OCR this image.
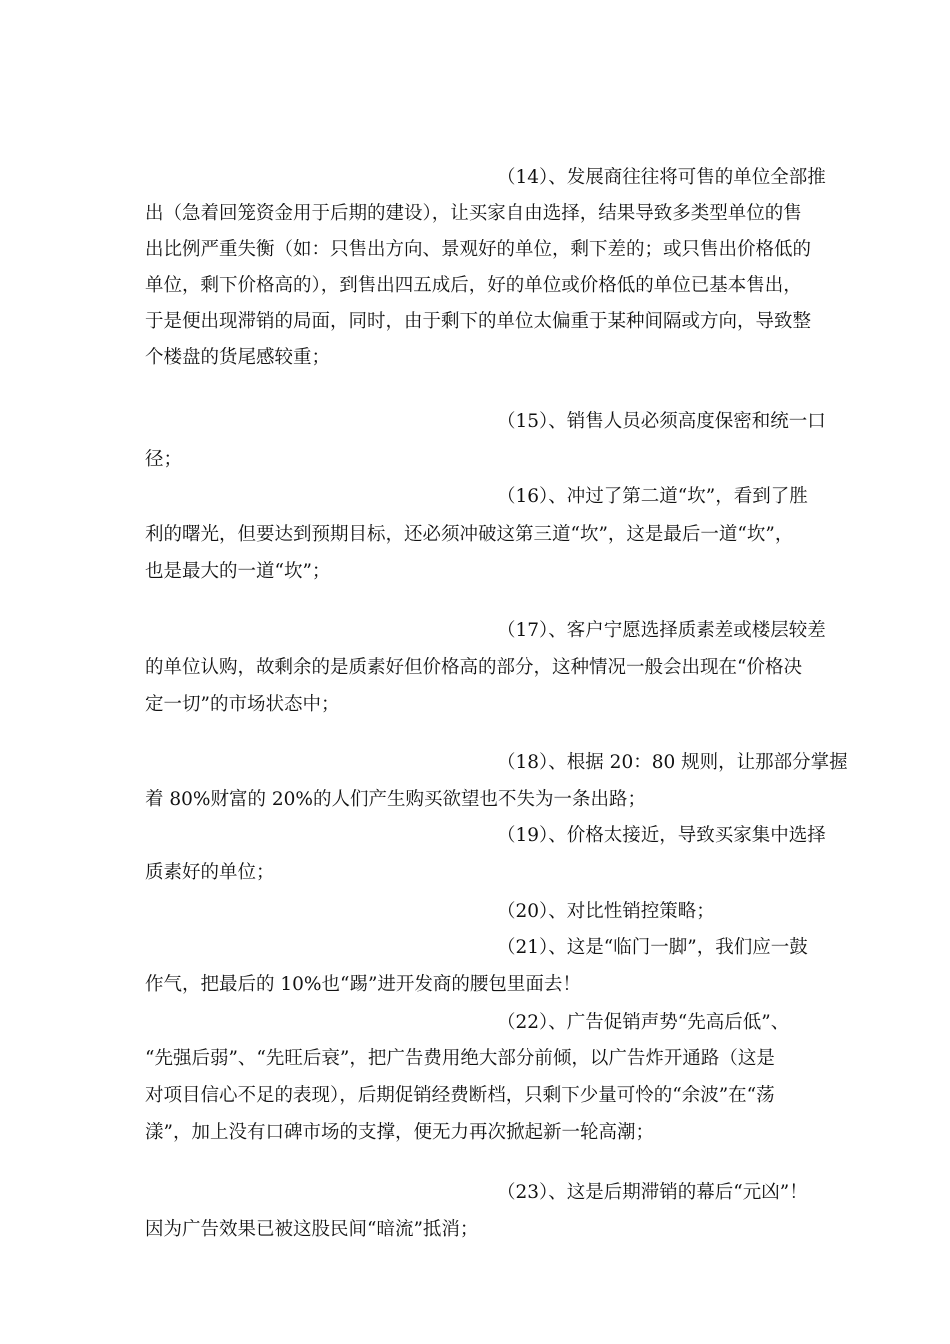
（14）、发展商往往将可售的单位全部推
出（急着回笼资金用于后期的建设），让买家自由选择，结果导致多类型单位的售
出比例严重失衡（如：只售出方向、景观好的单位，剩下差的；或只售出价格低的
单位，剩下价格高的），到售出四五成后，好的单位或价格低的单位已基本售出，
于是便出现滞销的局面，同时，由于剩下的单位太偏重于某种间隔或方向，导致整
个楼盘的货尾感较重；
（15）、销售人员必须高度保密和统一口
径；
（16）、冲过了第二道“坎”，看到了胜
利的曙光，但要达到预期目标，还必须冲破这第三道“坎”，这是最后一道“坎”，
也是最大的一道“坎”；
（17）、客户宁愿选择质素差或楼层较差
的单位认购，故剩余的是质素好但价格高的部分，这种情况一般会出现在“价格决
定一切”的市场状态中；
（18）、根据 20：80 规则，让那部分掌握
着 80%财富的 20%的人们产生购买欲望也不失为一条出路；
（19）、价格太接近，导致买家集中选择
质素好的单位；
（20）、对比性销控策略；
（21）、这是“临门一脚”，我们应一鼓
作气，把最后的 10%也“踢”进开发商的腰包里面去！
（22）、广告促销声势“先高后低”、
“先强后弱”、“先旺后衰”，把广告费用绝大部分前倾，以广告炸开通路（这是
对项目信心不足的表现），后期促销经费断档，只剩下少量可怜的“余波”在“荡
漾”，加上没有口碑市场的支撑，便无力再次掀起新一轮高潮；
（23）、这是后期滞销的幕后“元凶”！
因为广告效果已被这股民间“暗流”抵消；
